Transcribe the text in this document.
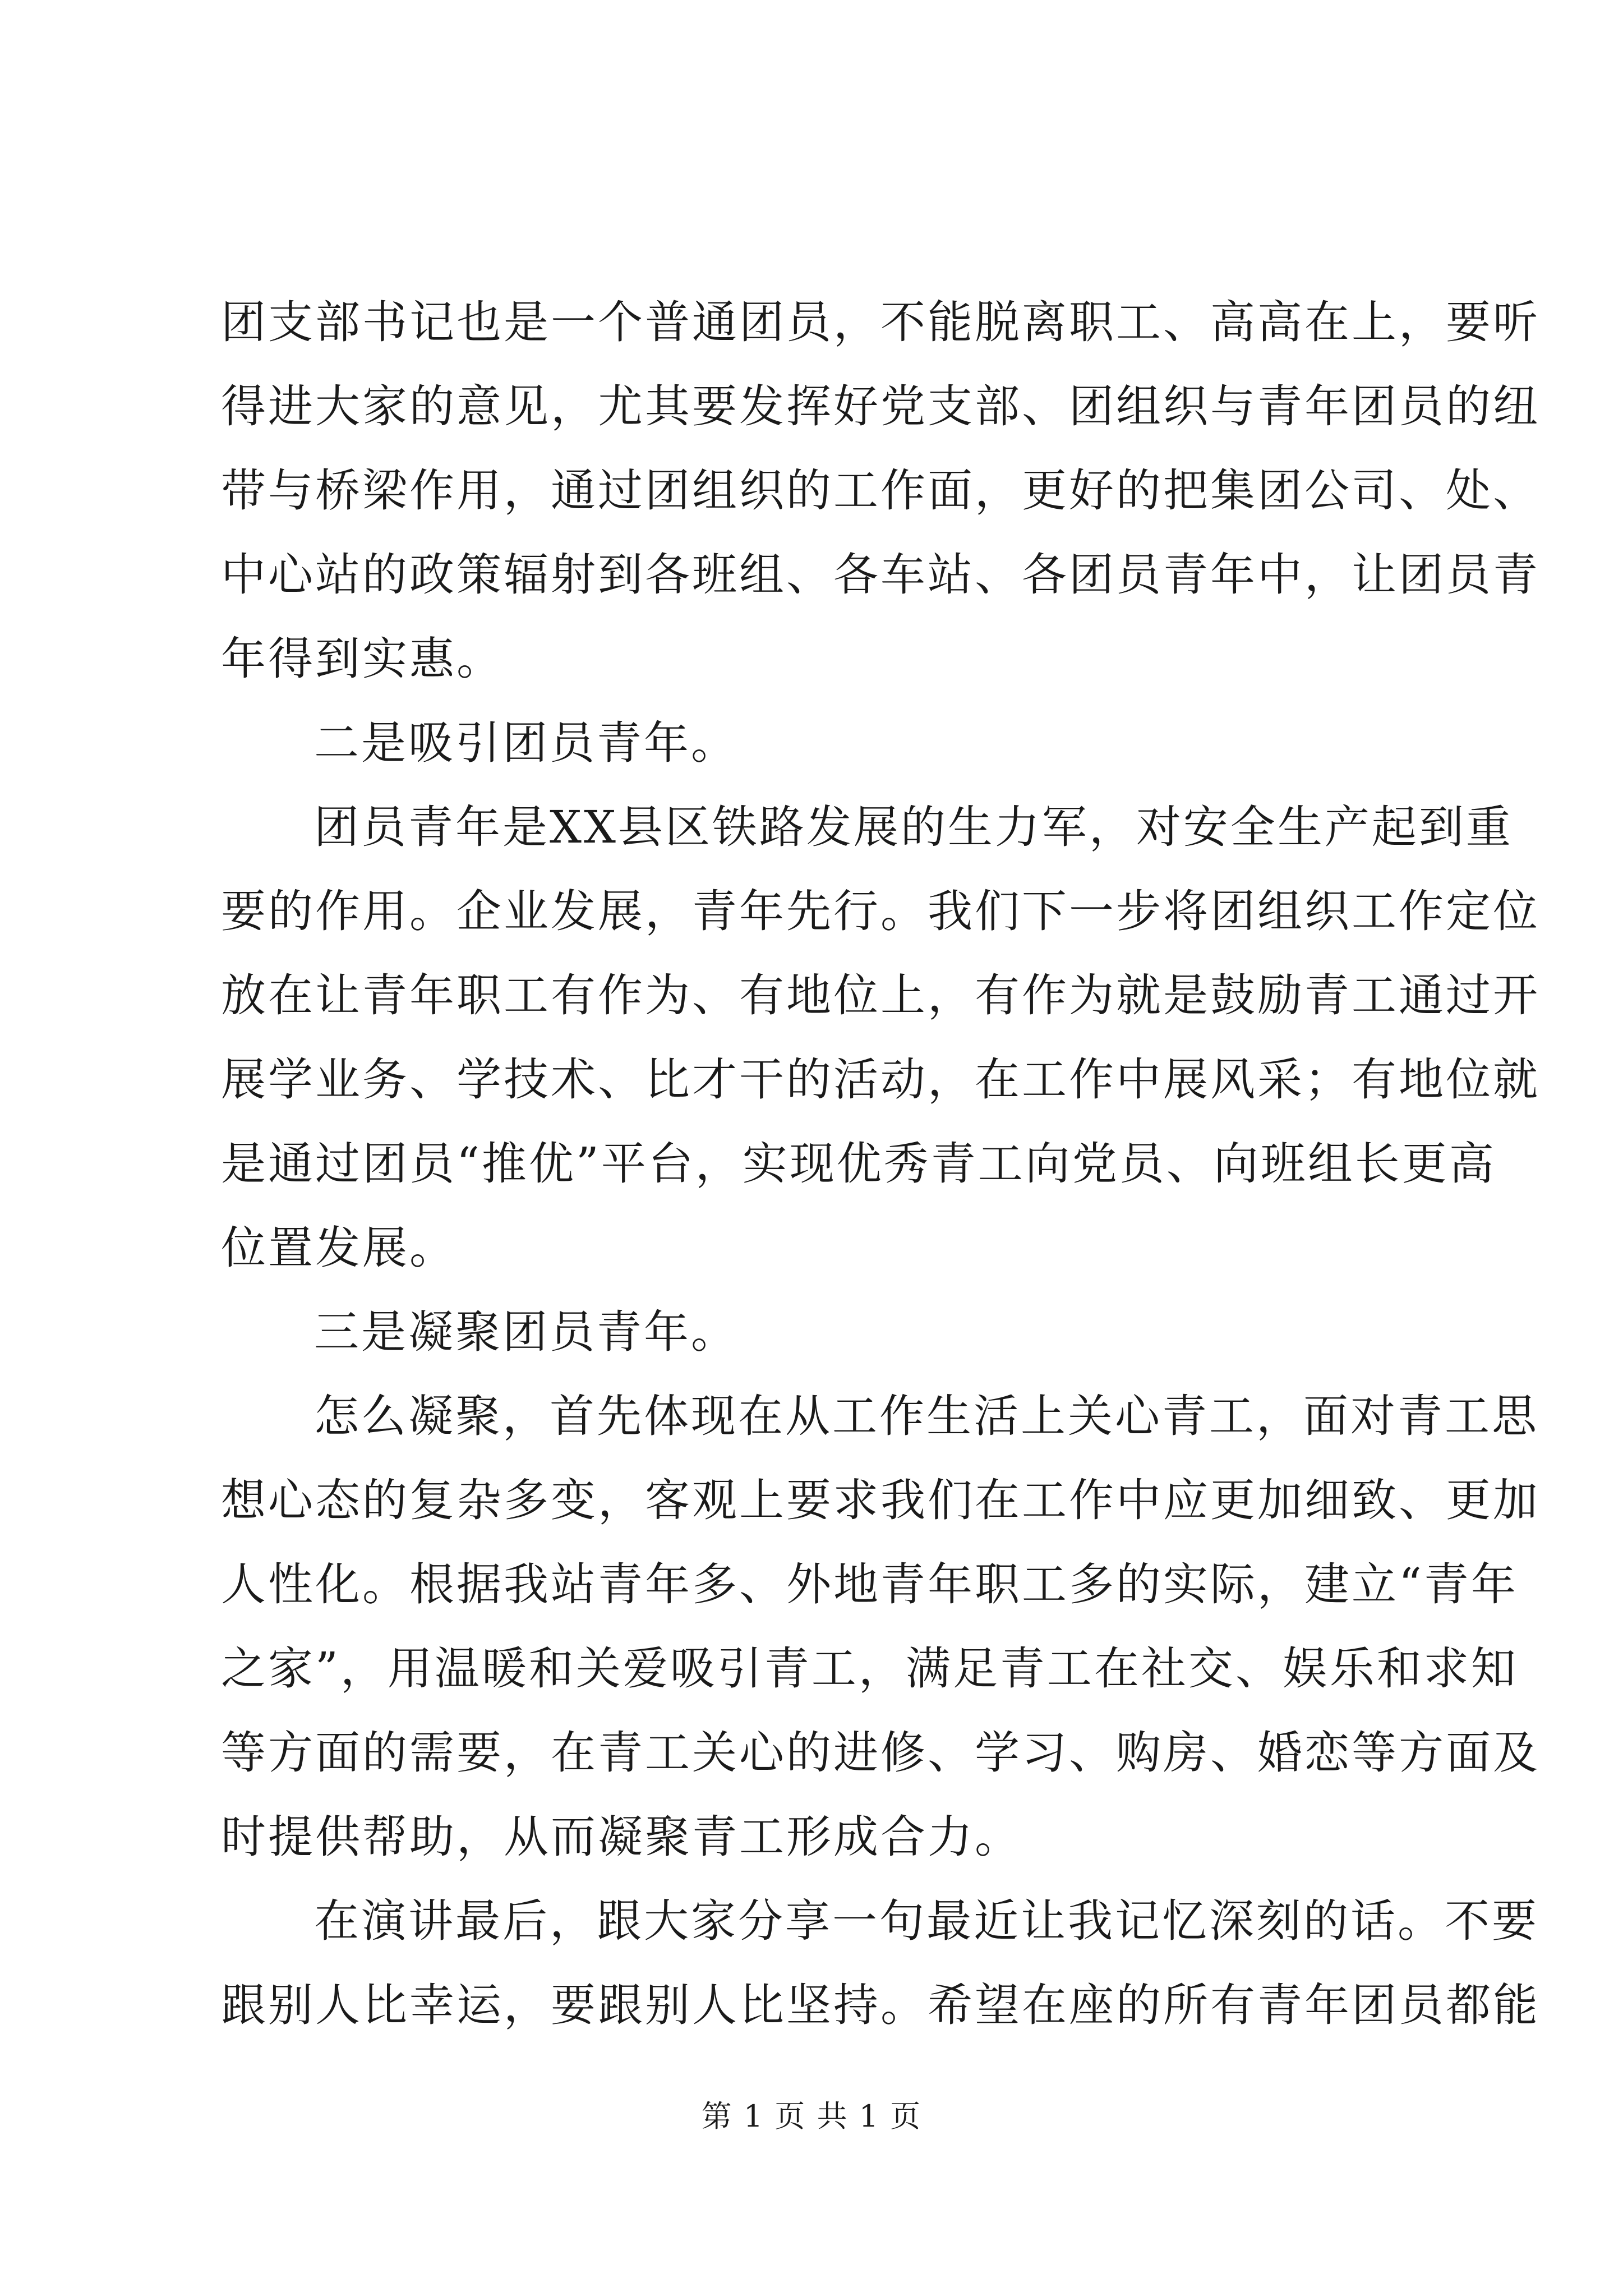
团支部书记也是一个普通团员，不能脱离职工、高高在上，要听
得进大家的意见，尤其要发挥好党支部、团组织与青年团员的纽
带与桥梁作用，通过团组织的工作面，更好的把集团公司、处、
中心站的政策辐射到各班组、各车站、各团员青年中，让团员青
年得到实惠。
二是吸引团员青年。
团员青年是XX县区铁路发展的生力军，对安全生产起到重
要的作用。企业发展，青年先行。我们下一步将团组织工作定位
放在让青年职工有作为、有地位上，有作为就是鼓励青工通过开
展学业务、学技术、比才干的活动，在工作中展风采；有地位就
是通过团员“推优”平台，实现优秀青工向党员、向班组长更高
位置发展。
三是凝聚团员青年。
怎么凝聚，首先体现在从工作生活上关心青工，面对青工思
想心态的复杂多变，客观上要求我们在工作中应更加细致、更加
人性化。根据我站青年多、外地青年职工多的实际，建立“青年
之家”，用温暖和关爱吸引青工，满足青工在社交、娱乐和求知
等方面的需要，在青工关心的进修、学习、购房、婚恋等方面及
时提供帮助，从而凝聚青工形成合力。
在演讲最后，跟大家分享一句最近让我记忆深刻的话。不要
跟别人比幸运，要跟别人比坚持。希望在座的所有青年团员都能
第 1 页 共 1 页
